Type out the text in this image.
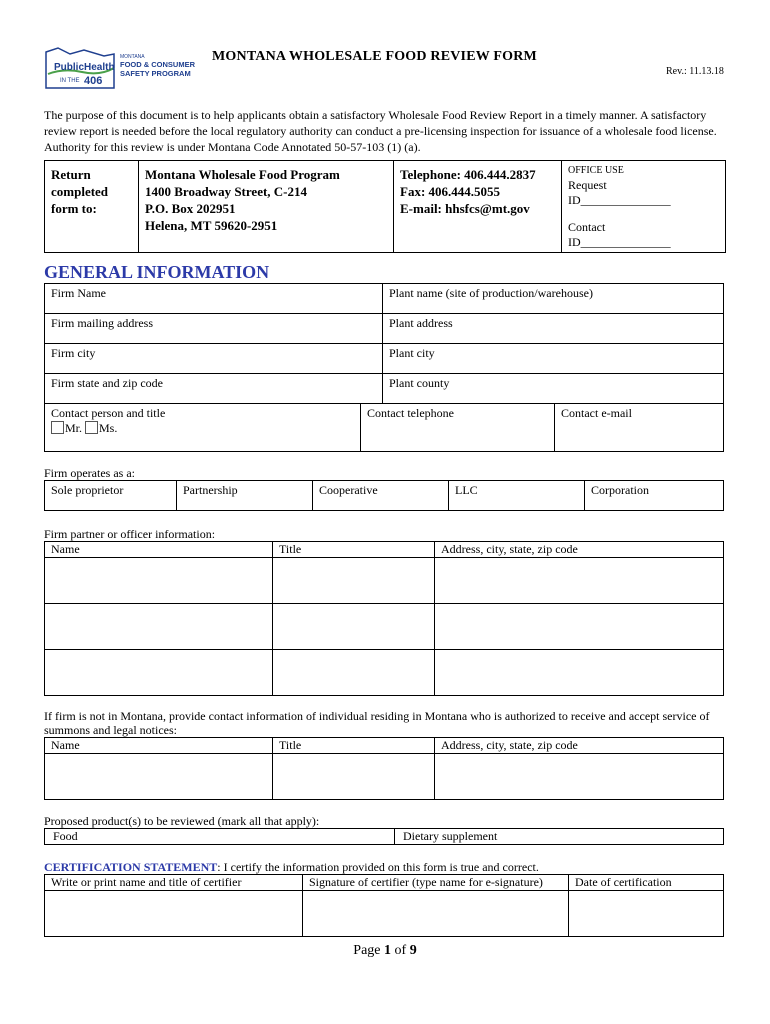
PublicHealth
IN THE 406
MONTANA
FOOD & CONSUMER
SAFETY PROGRAM
MONTANA WHOLESALE FOOD REVIEW FORM
Rev.: 11.13.18
The purpose of this document is to help applicants obtain a satisfactory Wholesale Food Review Report in a timely manner. A satisfactory review report is needed before the local regulatory authority can conduct a pre-licensing inspection for issuance of a wholesale food license. Authority for this review is under Montana Code Annotated 50-57-103 (1) (a).
Return
completed
form to:

Montana Wholesale Food Program
1400 Broadway Street, C-214
P.O. Box 202951
Helena, MT 59620-2951

Telephone: 406.444.2837
Fax: 406.444.5055
E-mail: hhsfcs@mt.gov

OFFICE USE
Request
ID_______________
Contact
ID_______________
GENERAL INFORMATION
Firm Name	Plant name (site of production/warehouse)
Firm mailing address	Plant address
Firm city	Plant city
Firm state and zip code	Plant county
Contact person and title
Mr. Ms.
	Contact telephone	Contact e-mail
Firm operates as a:
Sole proprietor	Partnership	Cooperative	LLC	Corporation
Firm partner or officer information:
Name	Title	Address, city, state, zip code

If firm is not in Montana, provide contact information of individual residing in Montana who is authorized to receive and accept service of summons and legal notices:
Name	Title	Address, city, state, zip code

Proposed product(s) to be reviewed (mark all that apply):
Food	Dietary supplement
CERTIFICATION STATEMENT: I certify the information provided on this form is true and correct.
Write or print name and title of certifier	Signature of certifier (type name for e-signature)	Date of certification

Page 1 of 9
